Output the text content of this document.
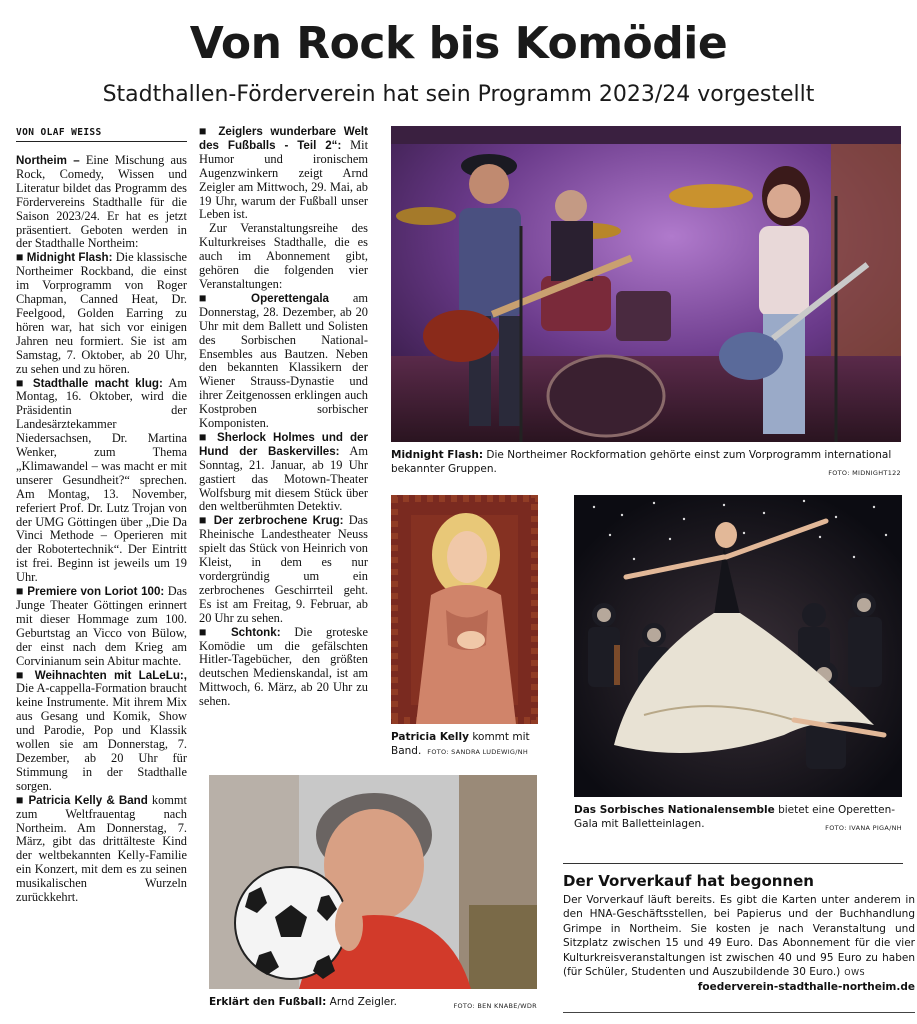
Von Rock bis Komödie
Stadthallen-Förderverein hat sein Programm 2023/24 vorgestellt
VON OLAF WEISS

Northeim – Eine Mischung aus Rock, Comedy, Wissen und Literatur bildet das Programm des Fördervereins Stadthalle für die Saison 2023/24. Er hat es jetzt präsentiert. Geboten werden in der Stadthalle Northeim:

■ Midnight Flash: Die klassische Northeimer Rockband, die einst im Vorprogramm von Roger Chapman, Canned Heat, Dr. Feelgood, Golden Earring zu hören war, hat sich vor einigen Jahren neu formiert. Sie ist am Samstag, 7. Oktober, ab 20 Uhr, zu sehen und zu hören.

■ Stadthalle macht klug: Am Montag, 16. Oktober, wird die Präsidentin der Landesärztekammer Niedersachsen, Dr. Martina Wenker, zum Thema „Klimawandel – was macht er mit unserer Gesundheit?“ sprechen. Am Montag, 13. November, referiert Prof. Dr. Lutz Trojan von der UMG Göttingen über „Die Da Vinci Methode – Operieren mit der Robotertechnik“. Der Eintritt ist frei. Beginn ist jeweils um 19 Uhr.

■ Premiere von Loriot 100: Das Junge Theater Göttingen erinnert mit dieser Hommage zum 100. Geburtstag an Vicco von Bülow, der einst nach dem Krieg am Corvinianum sein Abitur machte.

■ Weihnachten mit LaLeLu:, Die A-cappella-Formation braucht keine Instrumente. Mit ihrem Mix aus Gesang und Komik, Show und Parodie, Pop und Klassik wollen sie am Donnerstag, 7. Dezember, ab 20 Uhr für Stimmung in der Stadthalle sorgen.

■ Patricia Kelly & Band kommt zum Weltfrauentag nach Northeim. Am Donnerstag, 7. März, gibt das drittälteste Kind der weltbekannten Kelly-Familie ein Konzert, mit dem es zu seinen musikalischen Wurzeln zurückkehrt.

■ Zeiglers wunderbare Welt des Fußballs - Teil 2“: Mit Humor und ironischem Augenzwinkern zeigt Arnd Zeigler am Mittwoch, 29. Mai, ab 19 Uhr, warum der Fußball unser Leben ist.

Zur Veranstaltungsreihe des Kulturkreises Stadthalle, die es auch im Abonnement gibt, gehören die folgenden vier Veranstaltungen:

■ Operettengala am Donnerstag, 28. Dezember, ab 20 Uhr mit dem Ballett und Solisten des Sorbischen National-Ensembles aus Bautzen. Neben den bekannten Klassikern der Wiener Strauss-Dynastie und ihrer Zeitgenossen erklingen auch Kostproben sorbischer Komponisten.

■ Sherlock Holmes und der Hund der Baskervilles: Am Sonntag, 21. Januar, ab 19 Uhr gastiert das Motown-Theater Wolfsburg mit diesem Stück über den weltberühmten Detektiv.

■ Der zerbrochene Krug: Das Rheinische Landestheater Neuss spielt das Stück von Heinrich von Kleist, in dem es nur vordergründig um ein zerbrochenes Geschirrteil geht. Es ist am Freitag, 9. Februar, ab 20 Uhr zu sehen.

■ Schtonk: Die groteske Komödie um die gefälschten Hitler-Tagebücher, den größten deutschen Medienskandal, ist am Mittwoch, 6. März, ab 20 Uhr zu sehen.

Midnight Flash: Die Northeimer Rockformation gehörte einst zum Vorprogramm international bekannter Gruppen.	FOTO: MIDNIGHT122
Patricia Kelly kommt mit Band. FOTO: SANDRA LUDEWIG/NH
Das Sorbisches Nationalensemble bietet eine Operetten-Gala mit Balletteinlagen.	FOTO: IVANA PIGA/NH
Erklärt den Fußball: Arnd Zeigler.	FOTO: BEN KNABE/WDR
Der Vorverkauf hat begonnen
Der Vorverkauf läuft bereits. Es gibt die Karten unter anderem in den HNA-Geschäftsstellen, bei Papierus und der Buchhandlung Grimpe in Northeim. Sie kosten je nach Veranstaltung und Sitzplatz zwischen 15 und 49 Euro. Das Abonnement für die vier Kulturkreisveranstaltungen ist zwischen 40 und 95 Euro zu haben (für Schüler, Studenten und Auszubildende 30 Euro.) OWS
foederverein-stadthalle-northeim.de
